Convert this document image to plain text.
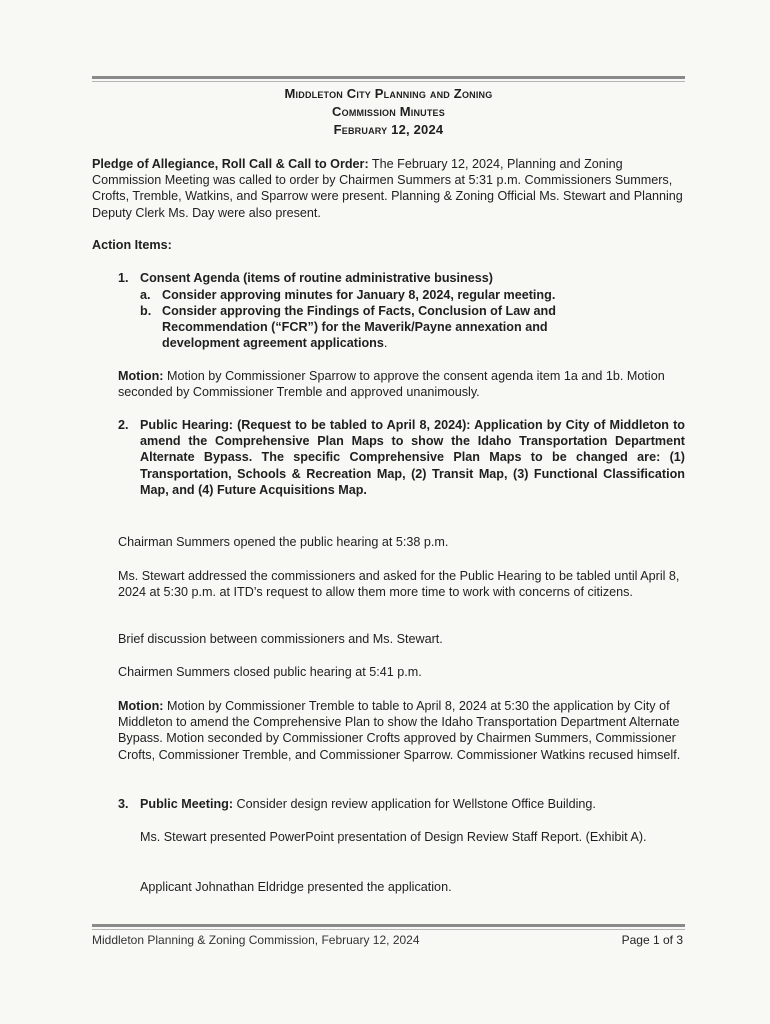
Middleton City Planning and Zoning
Commission Minutes
February 12, 2024
Pledge of Allegiance, Roll Call & Call to Order: The February 12, 2024, Planning and Zoning Commission Meeting was called to order by Chairmen Summers at 5:31 p.m. Commissioners Summers, Crofts, Tremble, Watkins, and Sparrow were present. Planning & Zoning Official Ms. Stewart and Planning Deputy Clerk Ms. Day were also present.
Action Items:
1. Consent Agenda (items of routine administrative business)
a. Consider approving minutes for January 8, 2024, regular meeting.
b. Consider approving the Findings of Facts, Conclusion of Law and Recommendation (“FCR”) for the Maverik/Payne annexation and development agreement applications.
Motion: Motion by Commissioner Sparrow to approve the consent agenda item 1a and 1b. Motion seconded by Commissioner Tremble and approved unanimously.
2. Public Hearing: (Request to be tabled to April 8, 2024): Application by City of Middleton to amend the Comprehensive Plan Maps to show the Idaho Transportation Department Alternate Bypass. The specific Comprehensive Plan Maps to be changed are: (1) Transportation, Schools & Recreation Map, (2) Transit Map, (3) Functional Classification Map, and (4) Future Acquisitions Map.
Chairman Summers opened the public hearing at 5:38 p.m.
Ms. Stewart addressed the commissioners and asked for the Public Hearing to be tabled until April 8, 2024 at 5:30 p.m. at ITD’s request to allow them more time to work with concerns of citizens.
Brief discussion between commissioners and Ms. Stewart.
Chairmen Summers closed public hearing at 5:41 p.m.
Motion: Motion by Commissioner Tremble to table to April 8, 2024 at 5:30 the application by City of Middleton to amend the Comprehensive Plan to show the Idaho Transportation Department Alternate Bypass. Motion seconded by Commissioner Crofts approved by Chairmen Summers, Commissioner Crofts, Commissioner Tremble, and Commissioner Sparrow. Commissioner Watkins recused himself.
3. Public Meeting: Consider design review application for Wellstone Office Building.
Ms. Stewart presented PowerPoint presentation of Design Review Staff Report. (Exhibit A).
Applicant Johnathan Eldridge presented the application.
Middleton Planning & Zoning Commission, February 12, 2024	Page 1 of 3
